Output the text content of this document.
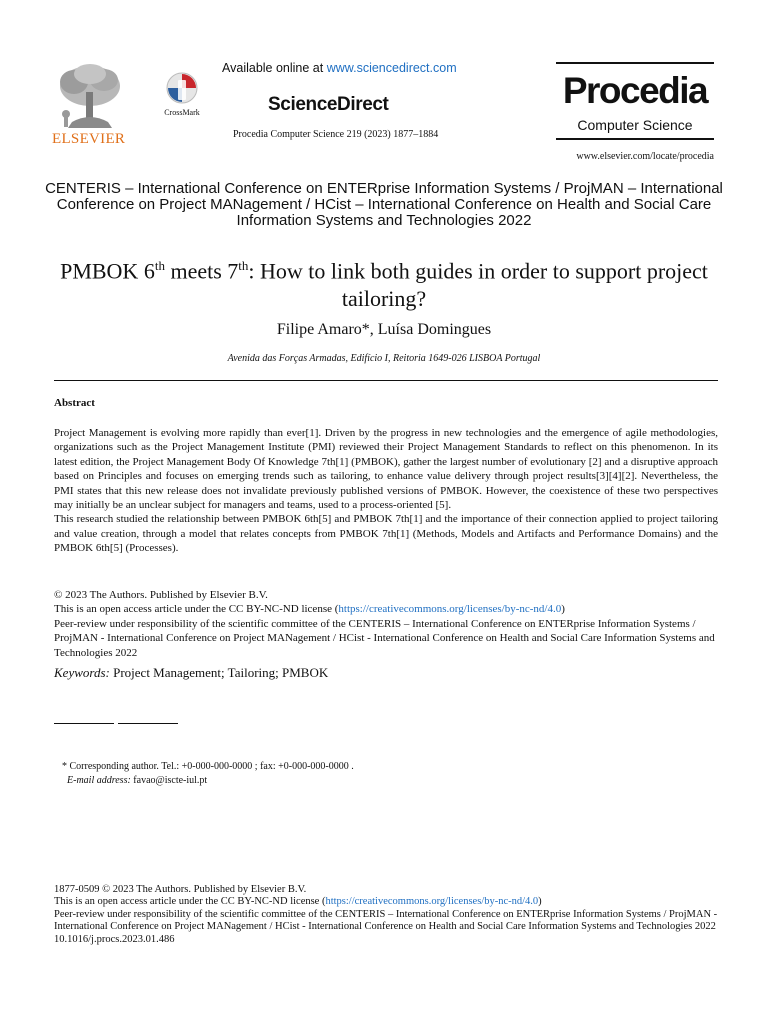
ELSEVIER
CrossMark
Available online at www.sciencedirect.com
ScienceDirect
Procedia Computer Science 219 (2023) 1877–1884
Procedia
Computer Science
www.elsevier.com/locate/procedia
CENTERIS – International Conference on ENTERprise Information Systems / ProjMAN – International Conference on Project MANagement / HCist – International Conference on Health and Social Care Information Systems and Technologies 2022
PMBOK 6th meets 7th: How to link both guides in order to support project tailoring?
Filipe Amaro*, Luísa Domingues
Avenida das Forças Armadas, Edifício I, Reitoria 1649-026 LISBOA Portugal
Abstract

Project Management is evolving more rapidly than ever[1]. Driven by the progress in new technologies and the emergence of agile methodologies, organizations such as the Project Management Institute (PMI) reviewed their Project Management Standards to reflect on this phenomenon. In its latest edition, the Project Management Body Of Knowledge 7th[1] (PMBOK), gather the largest number of evolutionary [2] and a disruptive approach based on Principles and focuses on emerging trends such as tailoring, to enhance value delivery through project results[3][4][2]. Nevertheless, the PMI states that this new release does not invalidate previously published versions of PMBOK. However, the coexistence of these two perspectives may initially be an unclear subject for managers and teams, used to a process-oriented [5].

This research studied the relationship between PMBOK 6th[5] and PMBOK 7th[1] and the importance of their connection applied to project tailoring and value creation, through a model that relates concepts from PMBOK 7th[1] (Methods, Models and Artifacts and Performance Domains) and the PMBOK 6th[5] (Processes).

© 2023 The Authors. Published by Elsevier B.V.

This is an open access article under the CC BY-NC-ND license (https://creativecommons.org/licenses/by-nc-nd/4.0)

Peer-review under responsibility of the scientific committee of the CENTERIS – International Conference on ENTERprise Information Systems / ProjMAN - International Conference on Project MANagement / HCist - International Conference on Health and Social Care Information Systems and Technologies 2022

Keywords: Project Management; Tailoring; PMBOK

* Corresponding author. Tel.: +0-000-000-0000 ; fax: +0-000-000-0000 .

E-mail address: favao@iscte-iul.pt

1877-0509 © 2023 The Authors. Published by Elsevier B.V.

This is an open access article under the CC BY-NC-ND license (https://creativecommons.org/licenses/by-nc-nd/4.0)

Peer-review under responsibility of the scientific committee of the CENTERIS – International Conference on ENTERprise Information Systems / ProjMAN - International Conference on Project MANagement / HCist - International Conference on Health and Social Care Information Systems and Technologies 2022

10.1016/j.procs.2023.01.486
